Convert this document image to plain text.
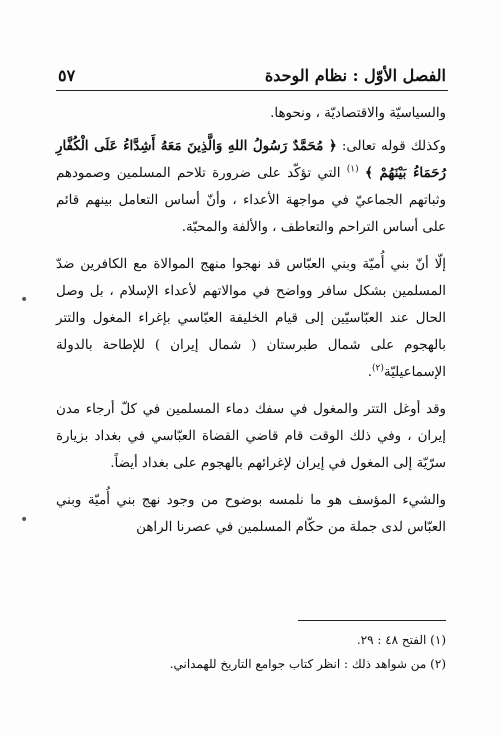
الفصل الأوّل : نظام الوحدة
٥٧

والسياسيّة والاقتصاديّة ، ونحوها.

وكذلك قوله تعالى: ﴿ مُحَمَّدٌ رَسُولُ اللهِ وَالَّذِينَ مَعَهُ أَشِدَّاءُ عَلَى الْكُفَّارِ رُحَمَاءُ بَيْنَهُمْ ﴾ $^{(١)}$ التي تؤكّد على ضرورة تلاحم المسلمين وصمودهم وثباتهم الجماعيّ في مواجهة الأعداء ، وأنّ أساس التعامل بينهم قائم على أساس التراحم والتعاطف ، والألفة والمحبّة.

إلّا أنّ بني أُميّة وبني العبّاس قد نهجوا منهج الموالاة مع الكافرين ضدّ المسلمين بشكل سافر وواضح في موالاتهم لأعداء الإسلام ، بل وصل الحال عند العبّاسيّين إلى قيام الخليفة العبّاسي بإغراء المغول والتتر بالهجوم على شمال طبرستان ( شمال إيران ) للإطاحة بالدولة الإسماعيليّة$^{(٢)}$.

وقد أوغل التتر والمغول في سفك دماء المسلمين في كلّ أرجاء مدن إيران ، وفي ذلك الوقت قام قاضي القضاة العبّاسي في بغداد بزيارة سرّيّة إلى المغول في إيران لإغرائهم بالهجوم على بغداد أيضاً.

والشيء المؤسف هو ما نلمسه بوضوح من وجود نهج بني أُميّة وبني العبّاس لدى جملة من حكّام المسلمين في عصرنا الراهن

•
•
(١) الفتح ٤٨ : ٢٩.
(٢) من شواهد ذلك : انظر كتاب جوامع التاريخ للهمداني.
